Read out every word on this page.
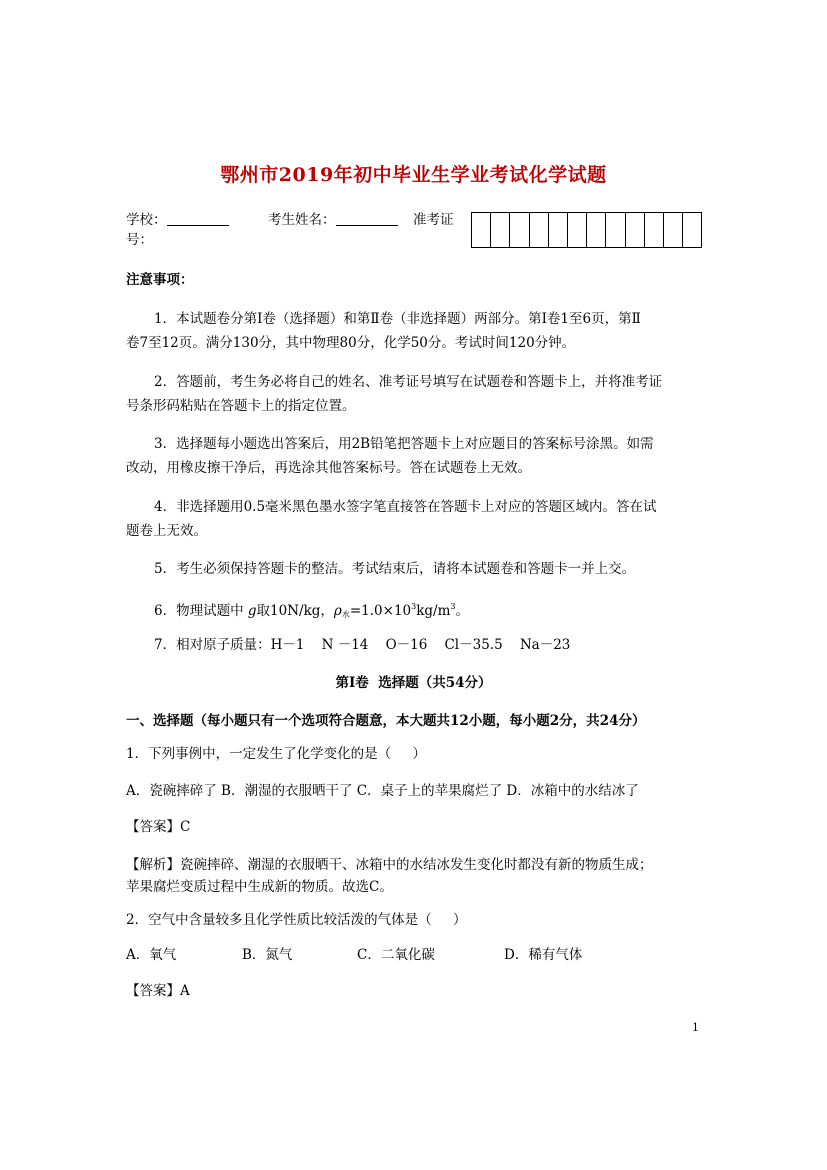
鄂州市2019年初中毕业生学业考试化学试题
学校：	考生姓名：	准考证
号：

注意事项：
1．本试题卷分第Ⅰ卷（选择题）和第Ⅱ卷（非选择题）两部分。第Ⅰ卷1至6页，第Ⅱ
卷7至12页。满分130分，其中物理80分，化学50分。考试时间120分钟。
2．答题前，考生务必将自己的姓名、准考证号填写在试题卷和答题卡上，并将准考证
号条形码粘贴在答题卡上的指定位置。
3．选择题每小题选出答案后，用2B铅笔把答题卡上对应题目的答案标号涂黑。如需
改动，用橡皮擦干净后，再选涂其他答案标号。答在试题卷上无效。
4．非选择题用0.5毫米黑色墨水签字笔直接答在答题卡上对应的答题区域内。答在试
题卷上无效。
5．考生必须保持答题卡的整洁。考试结束后，请将本试题卷和答题卡一并上交。
6．物理试题中 g取10N/kg，$\rho_水=1.0\times 10^3kg/m^3$。
7．相对原子质量：H－1    N －14    O－16    Cl－35.5    Na－23
第Ⅰ卷  选择题（共54分）
一、选择题（每小题只有一个选项符合题意，本大题共12小题，每小题2分，共24分）
1．下列事例中，一定发生了化学变化的是（     ）
A．瓷碗摔碎了 B．潮湿的衣服晒干了 C．桌子上的苹果腐烂了 D．冰箱中的水结冰了
【答案】C
【解析】瓷碗摔碎、潮湿的衣服晒干、冰箱中的水结冰发生变化时都没有新的物质生成；
苹果腐烂变质过程中生成新的物质。故选C。
2．空气中含量较多且化学性质比较活泼的气体是（     ）
A．氧气	B．氮气	C．二氧化碳	D．稀有气体
【答案】A
1
